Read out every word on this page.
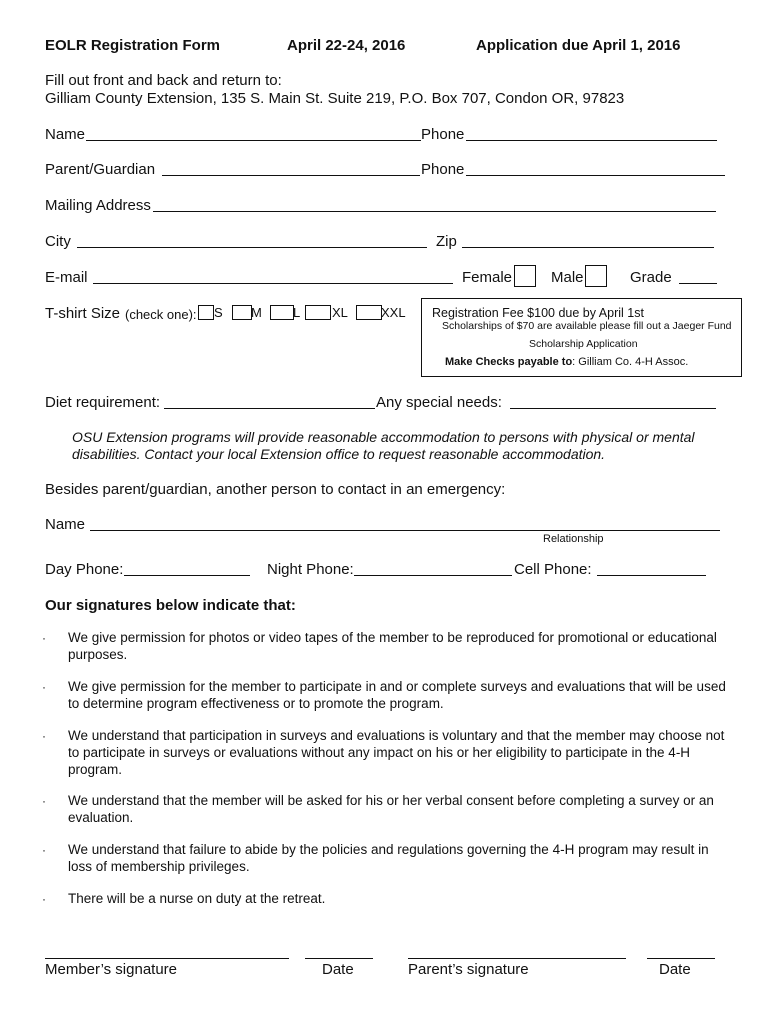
EOLR Registration Form	April 22-24, 2016	Application due April 1, 2016
Fill out front and back and return to:
Gilliam County Extension, 135 S. Main St. Suite 219, P.O. Box 707, Condon OR, 97823
Name	Phone
Parent/Guardian	Phone
Mailing Address
City	Zip
E-mail	Female	Male	Grade
T-shirt Size (check one): S M L XL	XXL Registration Fee $100 due by April 1st
Scholarships of $70 are available please fill out a Jaeger Fund
Scholarship Application
Make Checks payable to: Gilliam Co. 4-H Assoc.
Diet requirement:	Any special needs:
OSU Extension programs will provide reasonable accommodation to persons with physical or mental
disabilities. Contact your local Extension office to request reasonable accommodation.
Besides parent/guardian, another person to contact in an emergency:
Name
Relationship
Day Phone:	Night Phone:	Cell Phone:
Our signatures below indicate that:
· We give permission for photos or video tapes of the member to be reproduced for promotional or educational purposes.
· We give permission for the member to participate in and or complete surveys and evaluations that will be used to determine program effectiveness or to promote the program.
· We understand that participation in surveys and evaluations is voluntary and that the member may choose not to participate in surveys or evaluations without any impact on his or her eligibility to participate in the 4-H program.
· We understand that the member will be asked for his or her verbal consent before completing a survey or an evaluation.
· We understand that failure to abide by the policies and regulations governing the 4-H program may result in loss of membership privileges.
· There will be a nurse on duty at the retreat.
Member’s signature	Date	Parent’s signature	Date
